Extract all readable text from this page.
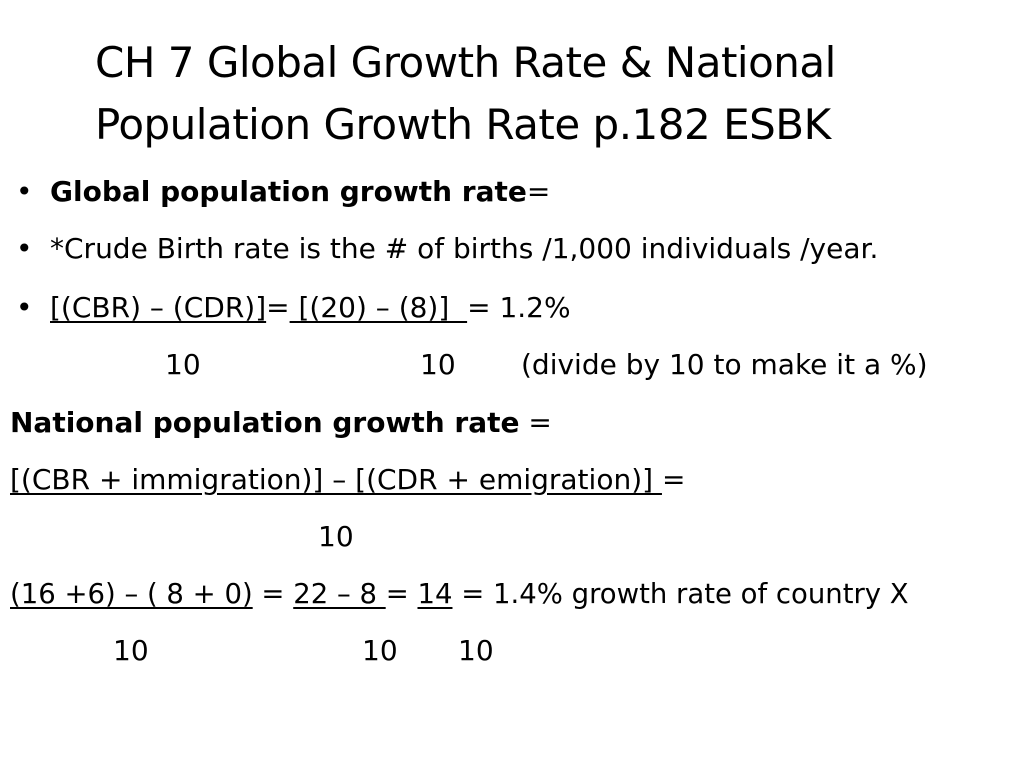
CH 7 Global Growth Rate & National Population Growth Rate p.182 ESBK
• Global population growth rate=
• *Crude Birth rate is the # of births /1,000 individuals /year.
• [(CBR) – (CDR)]= [(20) – (8)]  = 1.2%
10	10 (divide by 10 to make it a %)
National population growth rate =
[(CBR + immigration)] – [(CDR + emigration)] =
10
(16 +6) – ( 8 + 0) = 22 – 8 = 14 = 1.4% growth rate of country X
10	10 10
